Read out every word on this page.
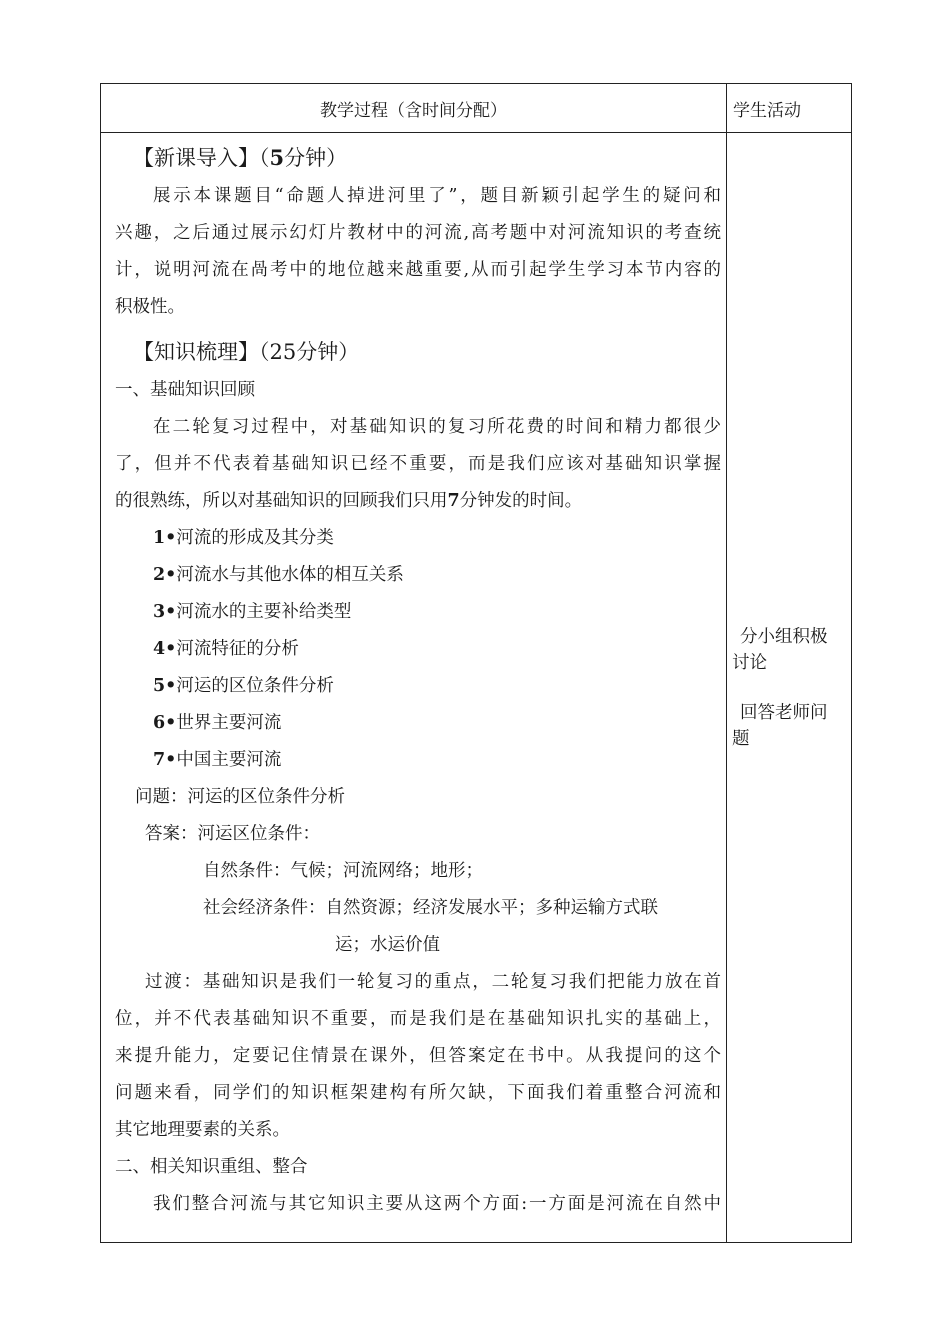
教学过程（含时间分配）	学生活动
【新课导入】（5分钟）
展示本课题目“命题人掉进河里了”，题目新颖引起学生的疑问和
兴趣，之后通过展示幻灯片教材中的河流,高考题中对河流知识的考查统
计，说明河流在咼考中的地位越来越重要,从而引起学生学习本节内容的
积极性。
【知识梳理】（25分钟）
一、基础知识回顾
在二轮复习过程中，对基础知识的复习所花费的时间和精力都很少
了，但并不代表着基础知识已经不重要，而是我们应该对基础知识掌握
的很熟练，所以对基础知识的回顾我们只用7分钟发的时间。
1•河流的形成及其分类
2•河流水与其他水体的相互关系
3•河流水的主要补给类型
4•河流特征的分析
5•河运的区位条件分析
6•世界主要河流
7•中国主要河流
问题：河运的区位条件分析
答案：河运区位条件：
自然条件：气候；河流网络；地形；
社会经济条件：自然资源；经济发展水平；多种运输方式联
运；水运价值
过渡：基础知识是我们一轮复习的重点，二轮复习我们把能力放在首
位，并不代表基础知识不重要，而是我们是在基础知识扎实的基础上，
来提升能力，定要记住情景在课外，但答案定在书中。从我提问的这个
问题来看，同学们的知识框架建构有所欠缺，下面我们着重整合河流和
其它地理要素的关系。
二、相关知识重组、整合
我们整合河流与其它知识主要从这两个方面:一方面是河流在自然中

分小组积极
讨论

回答老师问
题
